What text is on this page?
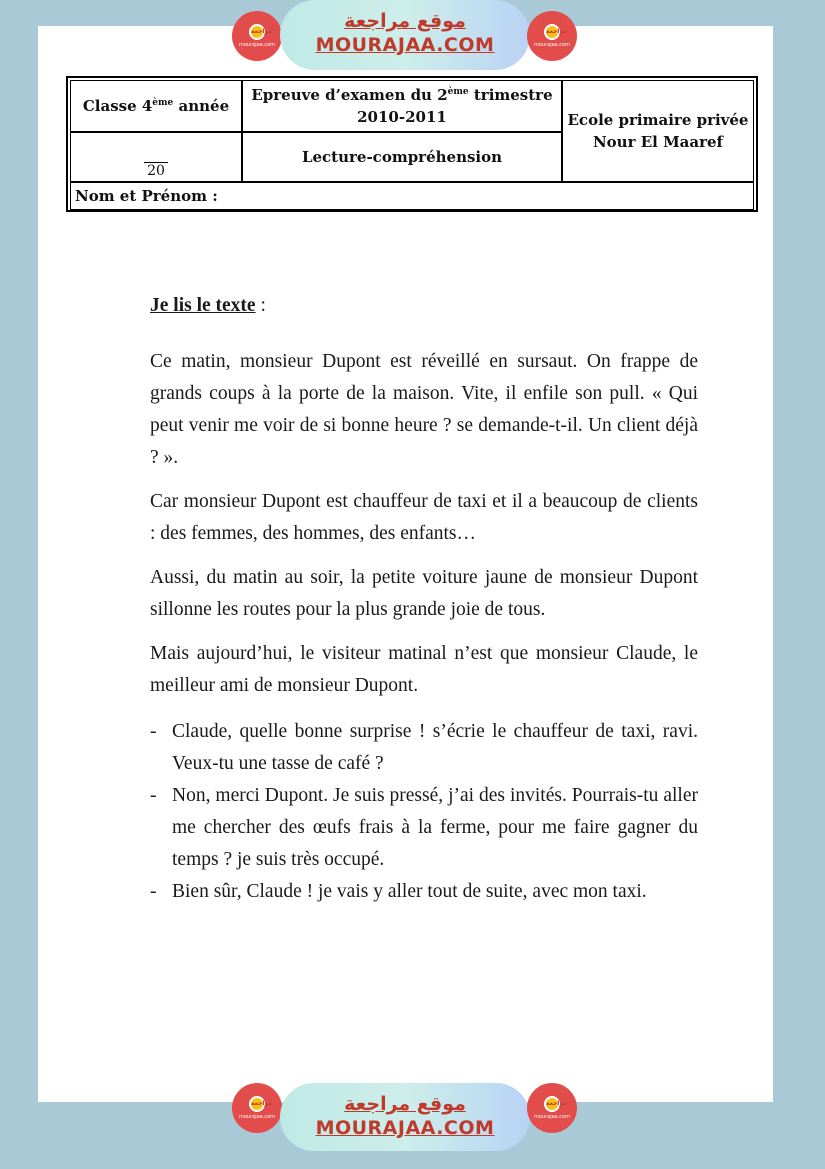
مراجعة
mourajaa.com
موقع مراجعة
MOURAJAA.COM
مراجعة
mourajaa.com
Classe 4ème année
Epreuve d’examen du 2ème trimestre
2010-2011
20
Lecture-compréhension
Ecole primaire privée
Nour El Maaref
Nom et Prénom :

Je lis le texte :

Ce matin, monsieur Dupont est réveillé en sursaut. On frappe de grands coups à la porte de la maison. Vite, il enfile son pull. « Qui peut venir me voir de si bonne heure ? se demande-t-il. Un client déjà ? ».

Car monsieur Dupont est chauffeur de taxi et il a beaucoup de clients : des femmes, des hommes, des enfants…

Aussi, du matin au soir, la petite voiture jaune de monsieur Dupont sillonne les routes pour la plus grande joie de tous.

Mais aujourd’hui, le visiteur matinal n’est que monsieur Claude, le meilleur ami de monsieur Dupont.

- Claude, quelle bonne surprise ! s’écrie le chauffeur de taxi, ravi. Veux-tu une tasse de café ?
- Non, merci Dupont. Je suis pressé, j’ai des invités. Pourrais-tu aller me chercher des œufs frais à la ferme, pour me faire gagner du temps ? je suis très occupé.
- Bien sûr, Claude ! je vais y aller tout de suite, avec mon taxi.
مراجعة
mourajaa.com
موقع مراجعة
MOURAJAA.COM
مراجعة
mourajaa.com
